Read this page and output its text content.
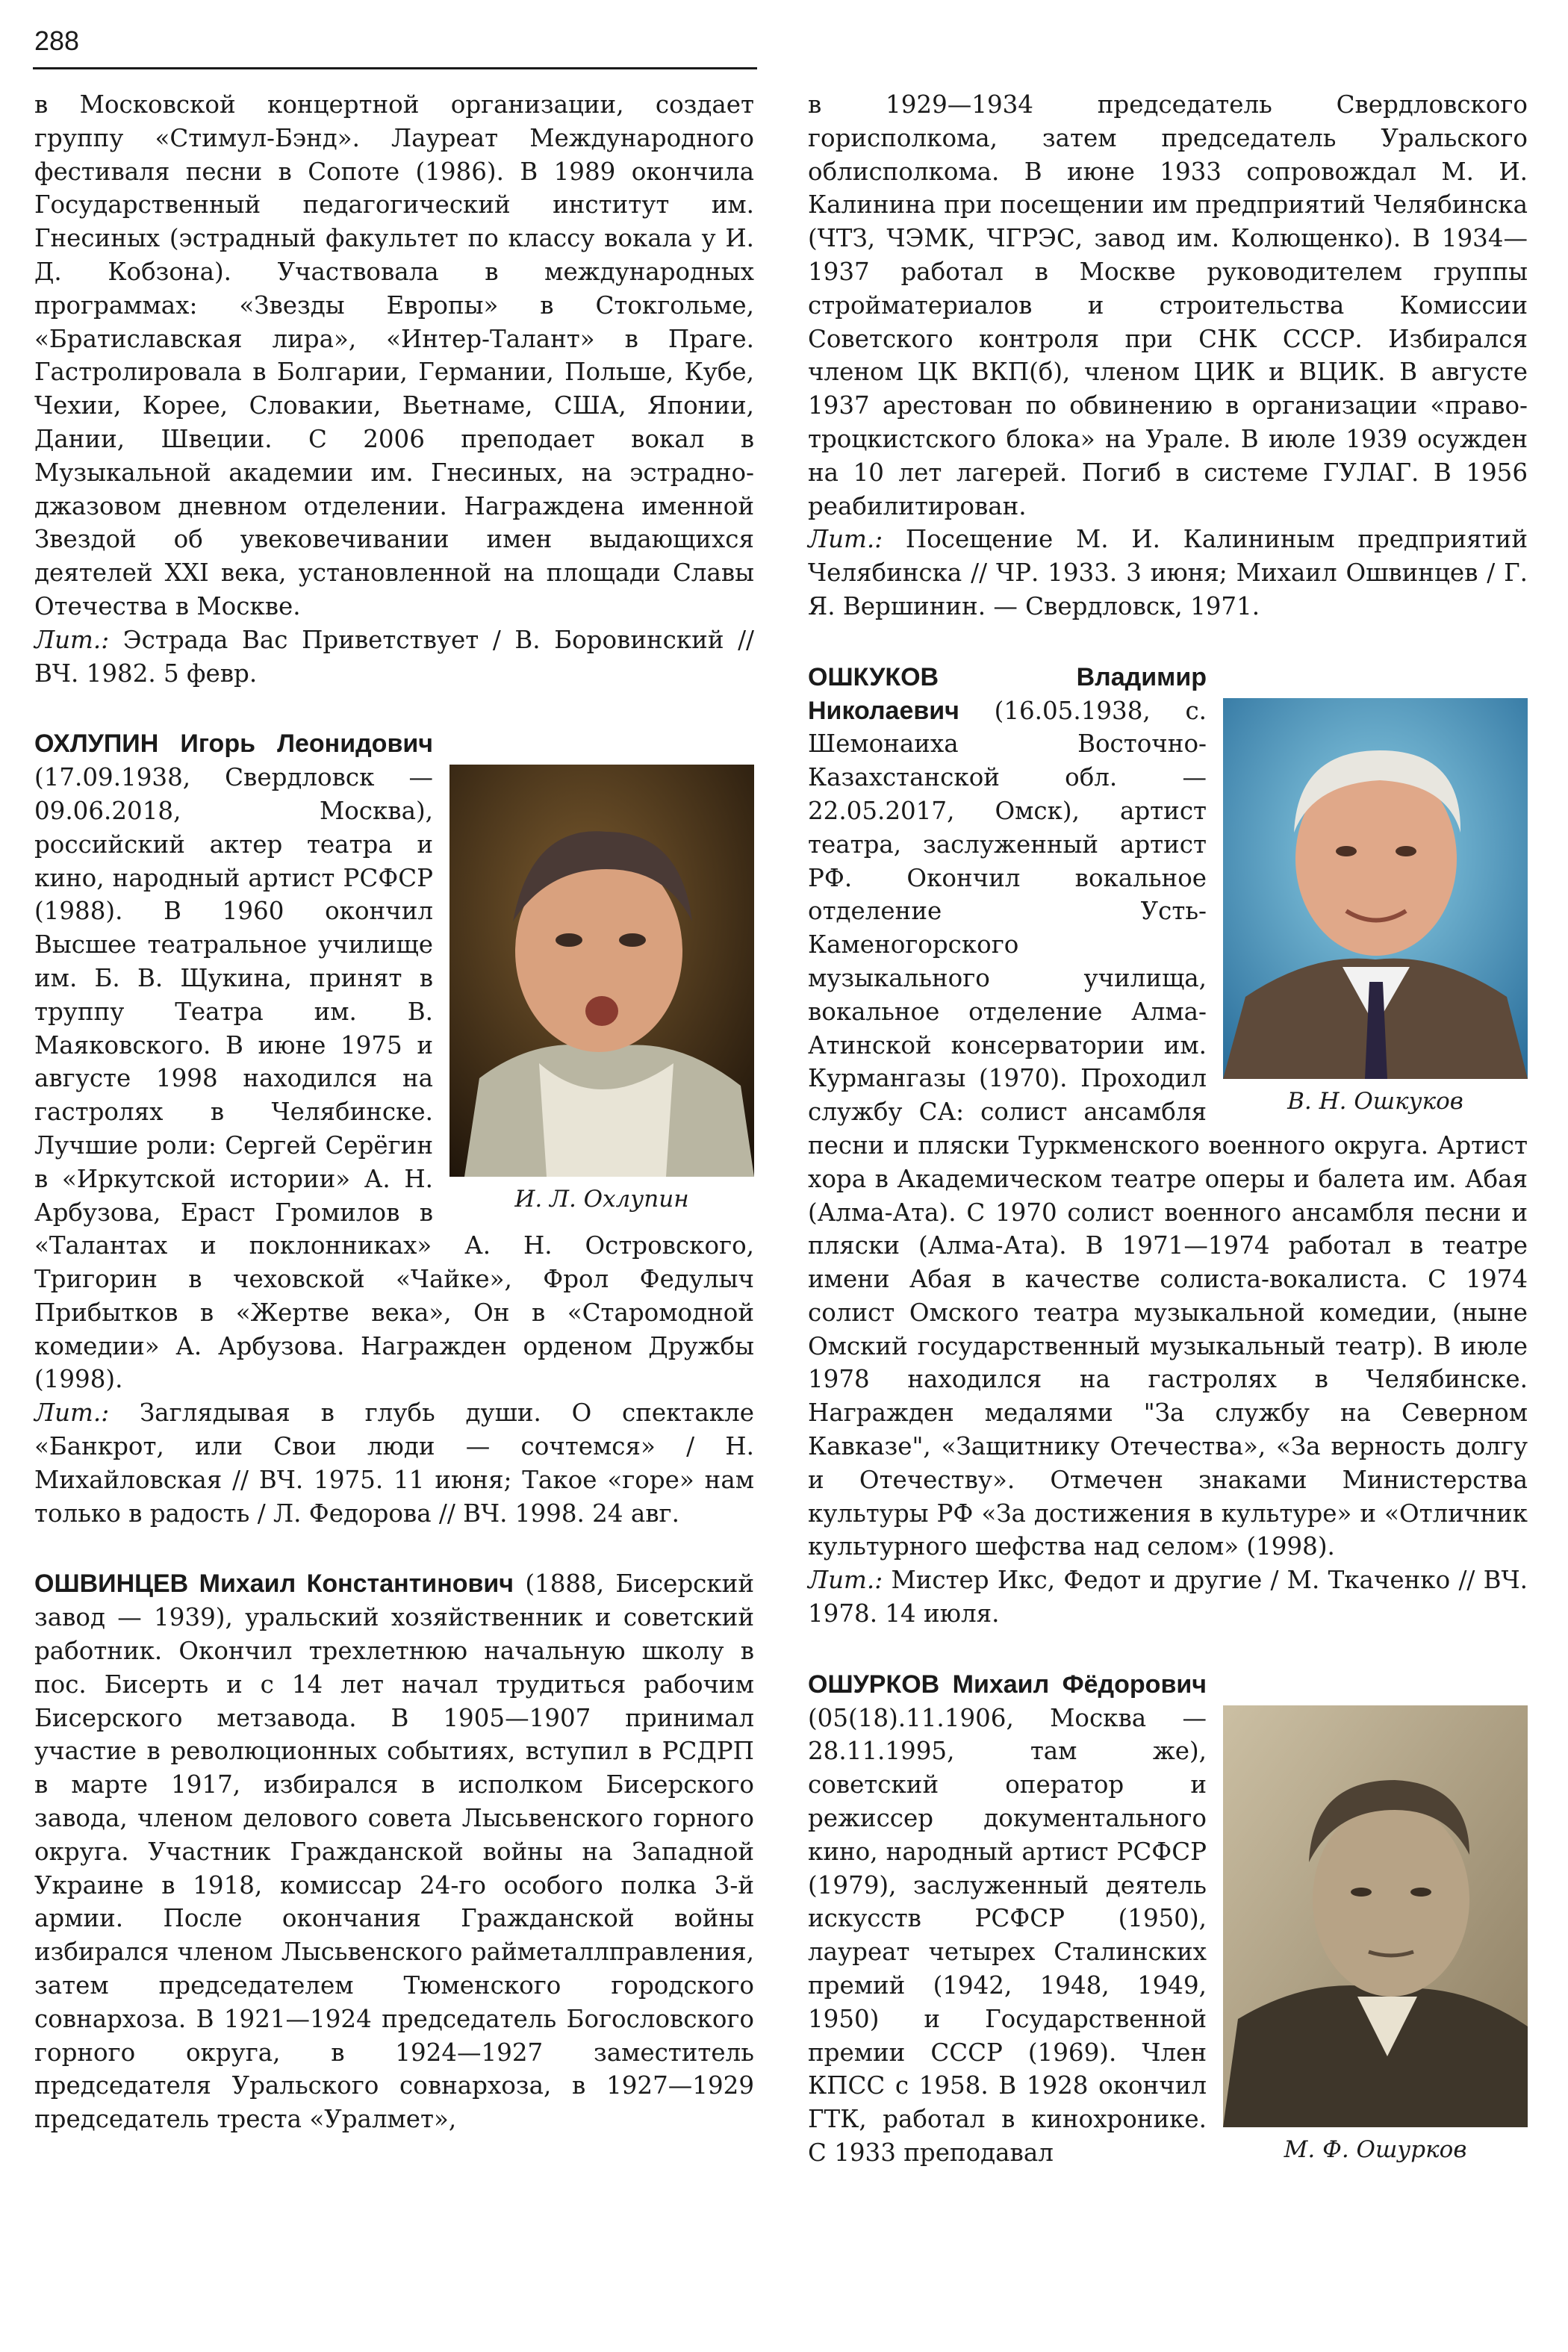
288

в Московской концертной организации, создает группу «Стимул-Бэнд». Лауреат Международного фестиваля песни в Сопоте (1986). В 1989 окончила Государственный педагогический институт им. Гнесиных (эстрадный факультет по классу вокала у И. Д. Кобзона). Участвовала в международных программах: «Звезды Европы» в Стокгольме, «Братиславская лира», «Интер-Талант» в Праге. Гастролировала в Болгарии, Германии, Польше, Кубе, Чехии, Корее, Словакии, Вьетнаме, США, Японии, Дании, Швеции. С 2006 преподает вокал в Музыкальной академии им. Гнесиных, на эстрадно-джазовом дневном отделении. Награждена именной Звездой об увековечивании имен выдающихся деятелей XXI века, установленной на площади Славы Отечества в Москве.

Лит.: Эстрада Вас Приветствует / В. Боровинский // ВЧ. 1982. 5 февр.

И. Л. Охлупин

ОХЛУПИН Игорь Леонидович (17.09.1938, Свердловск — 09.06.2018, Москва), российский актер театра и кино, народный артист РСФСР (1988). В 1960 окончил Высшее театральное училище им. Б. В. Щукина, принят в труппу Театра им. В. Маяковского. В июне 1975 и августе 1998 находился на гастролях в Челябинске. Лучшие роли: Сергей Серёгин в «Иркутской истории» А. Н. Арбузова, Ераст Громилов в «Талантах и поклонниках» А. Н. Островского, Тригорин в чеховской «Чайке», Фрол Федулыч Прибытков в «Жертве века», Он в «Старомодной комедии» А. Арбузова. Награжден орденом Дружбы (1998).

Лит.: Заглядывая в глубь души. О спектакле «Банкрот, или Свои люди — сочтемся» / Н. Михайловская // ВЧ. 1975. 11 июня; Такое «горе» нам только в радость / Л. Федорова // ВЧ. 1998. 24 авг.

ОШВИНЦЕВ Михаил Константинович (1888, Бисерский завод — 1939), уральский хозяйственник и советский работник. Окончил трехлетнюю начальную школу в пос. Бисерть и с 14 лет начал трудиться рабочим Бисерского метзавода. В 1905—1907 принимал участие в революционных событиях, вступил в РСДРП в марте 1917, избирался в исполком Бисерского завода, членом делового совета Лысьвенского горного округа. Участник Гражданской войны на Западной Украине в 1918, комиссар 24-го особого полка 3-й армии. После окончания Гражданской войны избирался членом Лысьвенского райметаллправления, затем председателем Тюменского городского совнархоза. В 1921—1924 председатель Богословского горного округа, в 1924—1927 заместитель председателя Уральского совнархоза, в 1927—1929 председатель треста «Уралмет»,

в 1929—1934 председатель Свердловского горисполкома, затем председатель Уральского облисполкома. В июне 1933 сопровождал М. И. Калинина при посещении им предприятий Челябинска (ЧТЗ, ЧЭМК, ЧГРЭС, завод им. Колющенко). В 1934—1937 работал в Москве руководителем группы стройматериалов и строительства Комиссии Советского контроля при СНК СССР. Избирался членом ЦК ВКП(б), членом ЦИК и ВЦИК. В августе 1937 арестован по обвинению в организации «право-троцкистского блока» на Урале. В июле 1939 осужден на 10 лет лагерей. Погиб в системе ГУЛАГ. В 1956 реабилитирован.

Лит.: Посещение М. И. Калининым предприятий Челябинска // ЧР. 1933. 3 июня; Михаил Ошвинцев / Г. Я. Вершинин. — Свердловск, 1971.

В. Н. Ошкуков

ОШКУКОВ Владимир Николаевич (16.05.1938, с. Шемонаиха Восточно-Казахстанской обл. — 22.05.2017, Омск), артист театра, заслуженный артист РФ. Окончил вокальное отделение Усть-Каменогорского музыкального училища, вокальное отделение Алма-Атинской консерватории им. Курмангазы (1970). Проходил службу СА: солист ансамбля песни и пляски Туркменского военного округа. Артист хора в Академическом театре оперы и балета им. Абая (Алма-Ата). С 1970 солист военного ансамбля песни и пляски (Алма-Ата). В 1971—1974 работал в театре имени Абая в качестве солиста-вокалиста. С 1974 солист Омского театра музыкальной комедии, (ныне Омский государственный музыкальный театр). В июле 1978 находился на гастролях в Челябинске. Награжден медалями "За службу на Северном Кавказе", «Защитнику Отечества», «За верность долгу и Отечеству». Отмечен знаками Министерства культуры РФ «За достижения в культуре» и «Отличник культурного шефства над селом» (1998).

Лит.: Мистер Икс, Федот и другие / М. Ткаченко // ВЧ. 1978. 14 июля.

М. Ф. Ошурков

ОШУРКОВ Михаил Фёдорович (05(18).11.1906, Москва — 28.11.1995, там же), советский оператор и режиссер документального кино, народный артист РСФСР (1979), заслуженный деятель искусств РСФСР (1950), лауреат четырех Сталинских премий (1942, 1948, 1949, 1950) и Государственной премии СССР (1969). Член КПСС с 1958. В 1928 окончил ГТК, работал в кинохронике. С 1933 преподавал
